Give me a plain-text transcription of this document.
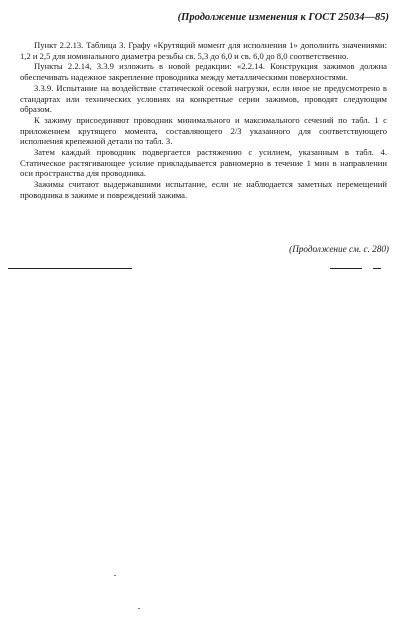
(Продолжение изменения к ГОСТ 25034—85)

Пункт 2.2.13. Таблица 3. Графу «Крутящий момент для исполнения 1» дополнить значениями: 1,2 и 2,5 для номинального диаметра резьбы св. 5,3 до 6,0 и св. 6,0 до 8,0 соответственно.

Пункты 2.2.14, 3.3.9 изложить в новой редакции: «2.2.14. Конструкция зажимов должна обеспечивать надежное закрепление проводника между металлическими поверхностями.

3.3.9. Испытание на воздействие статической осевой нагрузки, если иное не предусмотрено в стандартах или технических условиях на конкретные серии зажимов, проводят следующим образом.

К зажиму присоединяют проводник минимального и максимального сечений по табл. 1 с приложением крутящего момента, составляющего 2/3 указанного для соответствующего исполнения крепежной детали по табл. 3.

Затем каждый проводник подвергается растяжению с усилием, указанным в табл. 4. Статическое растягивающее усилие прикладывается равномерно в течение 1 мин в направлении оси пространства для проводника.

Зажимы считают выдержавшими испытание, если не наблюдается заметных перемещений проводника в зажиме и повреждений зажима.

(Продолжение см. с. 280)
